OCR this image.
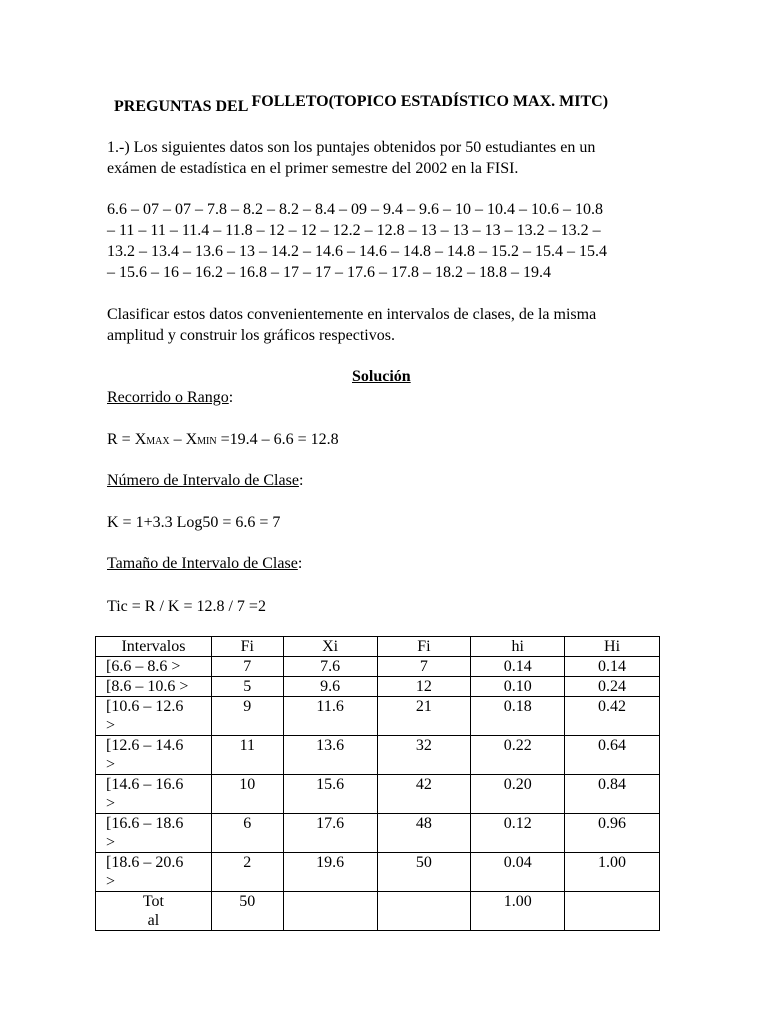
PREGUNTAS DEL FOLLETO(TOPICO ESTADÍSTICO MAX. MITC)
1.-) Los siguientes datos son los puntajes obtenidos por 50 estudiantes en un
exámen de estadística en el primer semestre del 2002 en la FISI.
6.6 – 07 – 07 – 7.8 – 8.2 – 8.2 – 8.4 – 09 – 9.4 – 9.6 – 10 – 10.4 – 10.6 – 10.8
– 11 – 11 – 11.4 – 11.8 – 12 – 12 – 12.2 – 12.8 – 13 – 13 – 13 – 13.2 – 13.2 –
13.2 – 13.4 – 13.6 – 13 – 14.2 – 14.6 – 14.6 – 14.8 – 14.8 – 15.2 – 15.4 – 15.4
– 15.6 – 16 – 16.2 – 16.8 – 17 – 17 – 17.6 – 17.8 – 18.2 – 18.8 – 19.4
Clasificar estos datos convenientemente en intervalos de clases, de la misma
amplitud y construir los gráficos respectivos.
Solución
Recorrido o Rango:
R = XMAX – XMIN =19.4 – 6.6 = 12.8
Número de Intervalo de Clase:
K = 1+3.3 Log50 = 6.6 = 7
Tamaño de Intervalo de Clase:
Tic = R / K = 12.8 / 7 =2
Intervalos	Fi	Xi	Fi	hi	Hi
[6.6 – 8.6 >	7	7.6	7	0.14	0.14
[8.6 – 10.6 >	5	9.6	12	0.10	0.24
[10.6 – 12.6
>	9	11.6	21	0.18	0.42
[12.6 – 14.6
>	11	13.6	32	0.22	0.64
[14.6 – 16.6
>	10	15.6	42	0.20	0.84
[16.6 – 18.6
>	6	17.6	48	0.12	0.96
[18.6 – 20.6
>	2	19.6	50	0.04	1.00
Tot
al	50			1.00	
